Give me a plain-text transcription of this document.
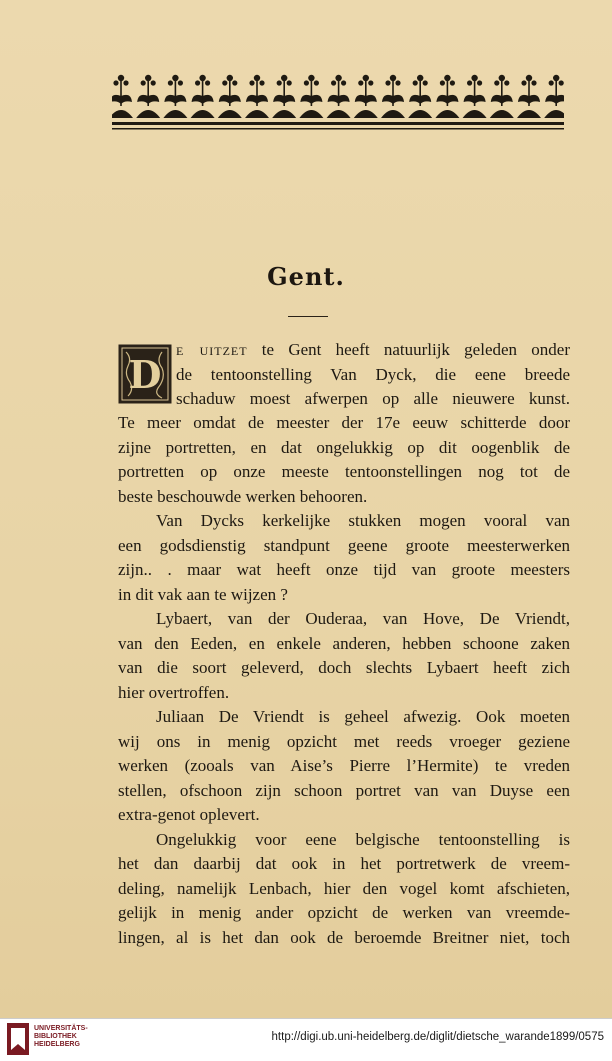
Gent.
D
e uitzet te Gent heeft natuurlijk geleden onder
de tentoonstelling Van Dyck, die eene breede
schaduw moest afwerpen op alle nieuwere kunst.
Te meer omdat de meester der 17e eeuw schitterde door
zijne portretten, en dat ongelukkig op dit oogenblik de
portretten op onze meeste tentoonstellingen nog tot de
beste beschouwde werken behooren.
Van Dycks kerkelijke stukken mogen vooral van
een godsdienstig standpunt geene groote meesterwerken
zijn.. . maar wat heeft onze tijd van groote meesters
in dit vak aan te wijzen ?
Lybaert, van der Ouderaa, van Hove, De Vriendt,
van den Eeden, en enkele anderen, hebben schoone zaken
van die soort geleverd, doch slechts Lybaert heeft zich
hier overtroffen.
Juliaan De Vriendt is geheel afwezig. Ook moeten
wij ons in menig opzicht met reeds vroeger geziene
werken (zooals van Aise’s Pierre l’Hermite) te vreden
stellen, ofschoon zijn schoon portret van van Duyse een
extra-genot oplevert.
Ongelukkig voor eene belgische tentoonstelling is
het dan daarbij dat ook in het portretwerk de vreem-
deling, namelijk Lenbach, hier den vogel komt afschieten,
gelijk in menig ander opzicht de werken van vreemde-
lingen, al is het dan ook de beroemde Breitner niet, toch
UNIVERSITÄTS-
BIBLIOTHEK
HEIDELBERG
http://digi.ub.uni-heidelberg.de/diglit/dietsche_warande1899/0575
